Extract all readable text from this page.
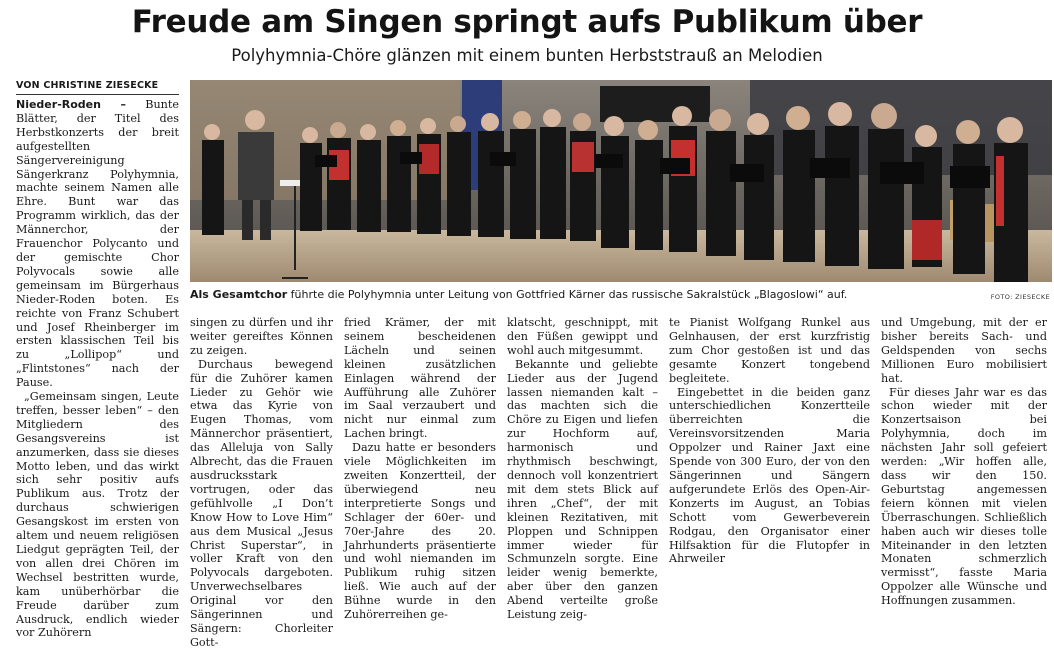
Freude am Singen springt aufs Publikum über
Polyhymnia-Chöre glänzen mit einem bunten Herbststrauß an Melodien
VON CHRISTINE ZIESECKE

Nieder-Roden – Bunte Blätter, der Titel des Herbstkonzerts der breit aufgestellten Sängervereinigung Sängerkranz Polyhymnia, machte seinem Namen alle Ehre. Bunt war das Programm wirklich, das der Männerchor, der Frauenchor Polycanto und der gemischte Chor Polyvocals sowie alle gemeinsam im Bürgerhaus Nieder-Roden boten. Es reichte von Franz Schubert und Josef Rheinberger im ersten klassischen Teil bis zu „Lollipop“ und „Flintstones“ nach der Pause.

„Gemeinsam singen, Leute treffen, besser leben“ – den Mitgliedern des Gesangsvereins ist anzumerken, dass sie dieses Motto leben, und das wirkt sich sehr positiv aufs Publikum aus. Trotz der durchaus schwierigen Gesangskost im ersten von altem und neuem religiösen Liedgut geprägten Teil, der von allen drei Chören im Wechsel bestritten wurde, kam unüberhörbar die Freude darüber zum Ausdruck, endlich wieder vor Zuhörern

Als Gesamtchor führte die Polyhymnia unter Leitung von Gottfried Kärner das russische Sakralstück „Blagoslowi“ auf.	FOTO: ZIESECKE

singen zu dürfen und ihr weiter gereiftes Können zu zeigen.

Durchaus bewegend für die Zuhörer kamen Lieder zu Gehör wie etwa das Kyrie von Eugen Thomas, vom Männerchor präsentiert, das Alleluja von Sally Albrecht, das die Frauen ausdrucksstark vortrugen, oder das gefühlvolle „I Don’t Know How to Love Him“ aus dem Musical „Jesus Christ Superstar“, in voller Kraft von den Polyvocals dargeboten. Unverwechselbares Original vor den Sängerinnen und Sängern: Chorleiter Gott-

fried Krämer, der mit seinem bescheidenen Lächeln und seinen kleinen zusätzlichen Einlagen während der Aufführung alle Zuhörer im Saal verzaubert und nicht nur einmal zum Lachen bringt.

Dazu hatte er besonders viele Möglichkeiten im zweiten Konzertteil, der überwiegend neu interpretierte Songs und Schlager der 60er- und 70er-Jahre des 20. Jahrhunderts präsentierte und wohl niemanden im Publikum ruhig sitzen ließ. Wie auch auf der Bühne wurde in den Zuhörerreihen ge-

klatscht, geschnippt, mit den Füßen gewippt und wohl auch mitgesummt.

Bekannte und geliebte Lieder aus der Jugend lassen niemanden kalt – das machten sich die Chöre zu Eigen und liefen zur Hochform auf, harmonisch und rhythmisch beschwingt, dennoch voll konzentriert mit dem stets Blick auf ihren „Chef“, der mit kleinen Rezitativen, mit Ploppen und Schnippen immer wieder für Schmunzeln sorgte. Eine leider wenig bemerkte, aber über den ganzen Abend verteilte große Leistung zeig-

te Pianist Wolfgang Runkel aus Gelnhausen, der erst kurzfristig zum Chor gestoßen ist und das gesamte Konzert tongebend begleitete.

Eingebettet in die beiden ganz unterschiedlichen Konzertteile überreichten die Vereinsvorsitzenden Maria Oppolzer und Rainer Jaxt eine Spende von 300 Euro, der von den Sängerinnen und Sängern aufgerundete Erlös des Open-Air-Konzerts im August, an Tobias Schott vom Gewerbeverein Rodgau, den Organisator einer Hilfsaktion für die Flutopfer in Ahrweiler

und Umgebung, mit der er bisher bereits Sach- und Geldspenden von sechs Millionen Euro mobilisiert hat.

Für dieses Jahr war es das schon wieder mit der Konzertsaison bei Polyhymnia, doch im nächsten Jahr soll gefeiert werden: „Wir hoffen alle, dass wir den 150. Geburtstag angemessen feiern können mit vielen Überraschungen. Schließlich haben auch wir dieses tolle Miteinander in den letzten Monaten schmerzlich vermisst“, fasste Maria Oppolzer alle Wünsche und Hoffnungen zusammen.
